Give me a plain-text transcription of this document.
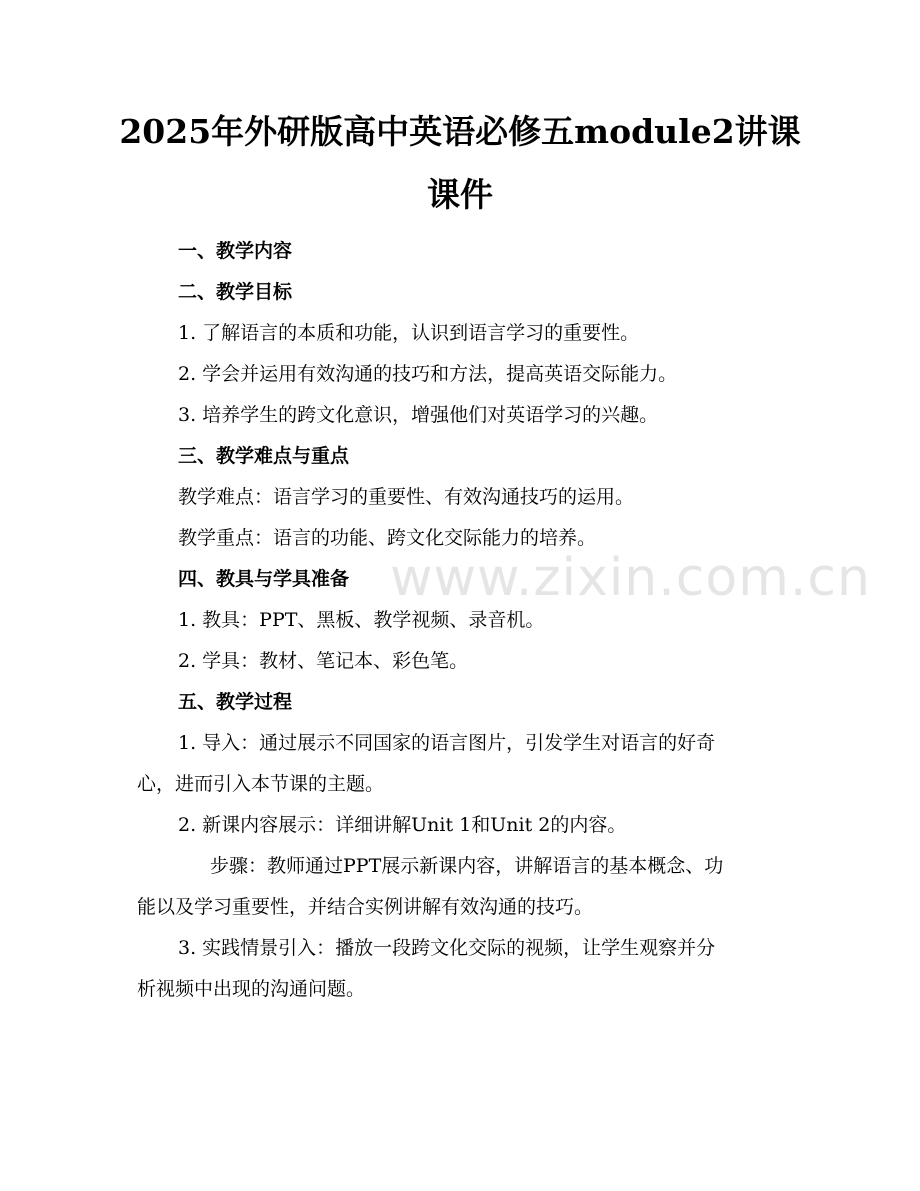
2025年外研版高中英语必修五module2讲课
课件
一、教学内容
二、教学目标
1. 了解语言的本质和功能，认识到语言学习的重要性。
2. 学会并运用有效沟通的技巧和方法，提高英语交际能力。
3. 培养学生的跨文化意识，增强他们对英语学习的兴趣。
三、教学难点与重点
教学难点：语言学习的重要性、有效沟通技巧的运用。
教学重点：语言的功能、跨文化交际能力的培养。
四、教具与学具准备
1. 教具：PPT、黑板、教学视频、录音机。
2. 学具：教材、笔记本、彩色笔。
五、教学过程
1. 导入：通过展示不同国家的语言图片，引发学生对语言的好奇
心，进而引入本节课的主题。
2. 新课内容展示：详细讲解Unit 1和Unit 2的内容。
步骤：教师通过PPT展示新课内容，讲解语言的基本概念、功
能以及学习重要性，并结合实例讲解有效沟通的技巧。
3. 实践情景引入：播放一段跨文化交际的视频，让学生观察并分
析视频中出现的沟通问题。
www.zixin.com.cn
